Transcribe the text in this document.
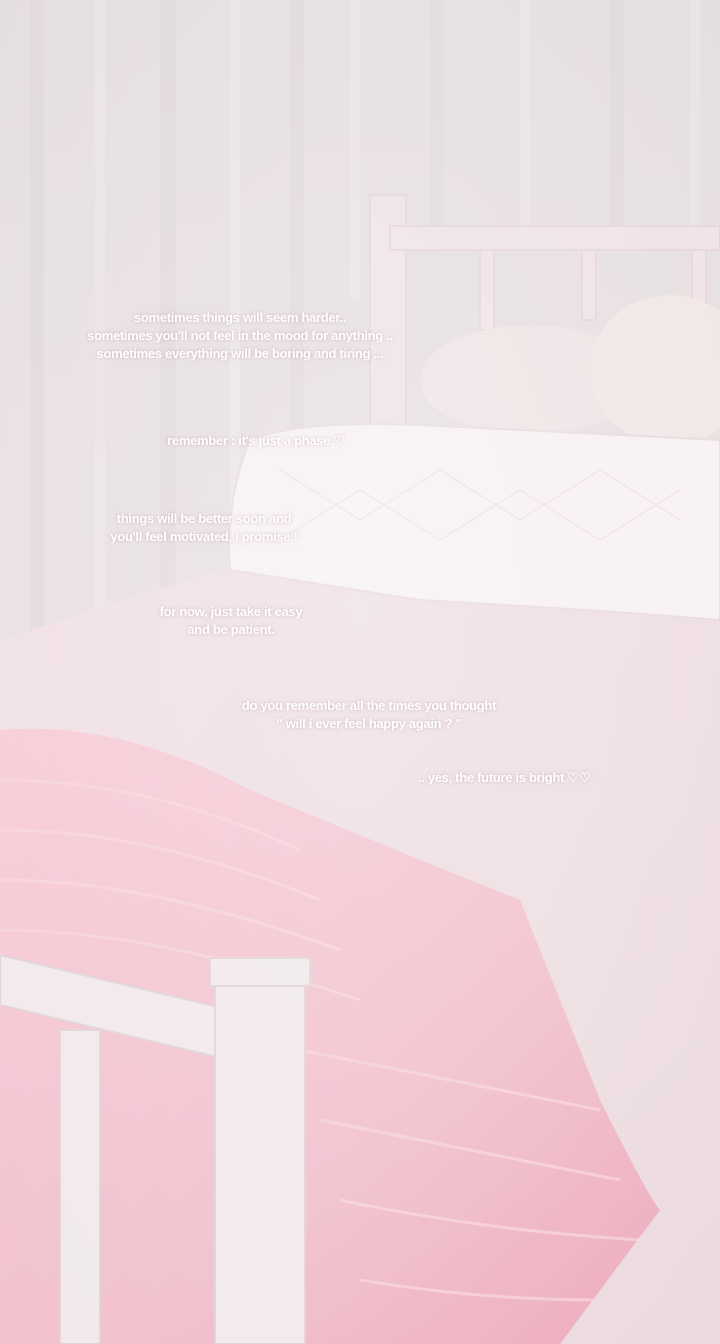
sometimes things will seem harder..
sometimes you'll not feel in the mood for anything ..
sometimes everything will be boring and tiring ...
remember : it's just a phase ♡
things will be better soon and
you'll feel motivated, i promise !
for now, just take it easy
and be patient.
do you remember all the times you thought
" will i ever feel happy again ? "
.. yes, the future is bright ♡♡
